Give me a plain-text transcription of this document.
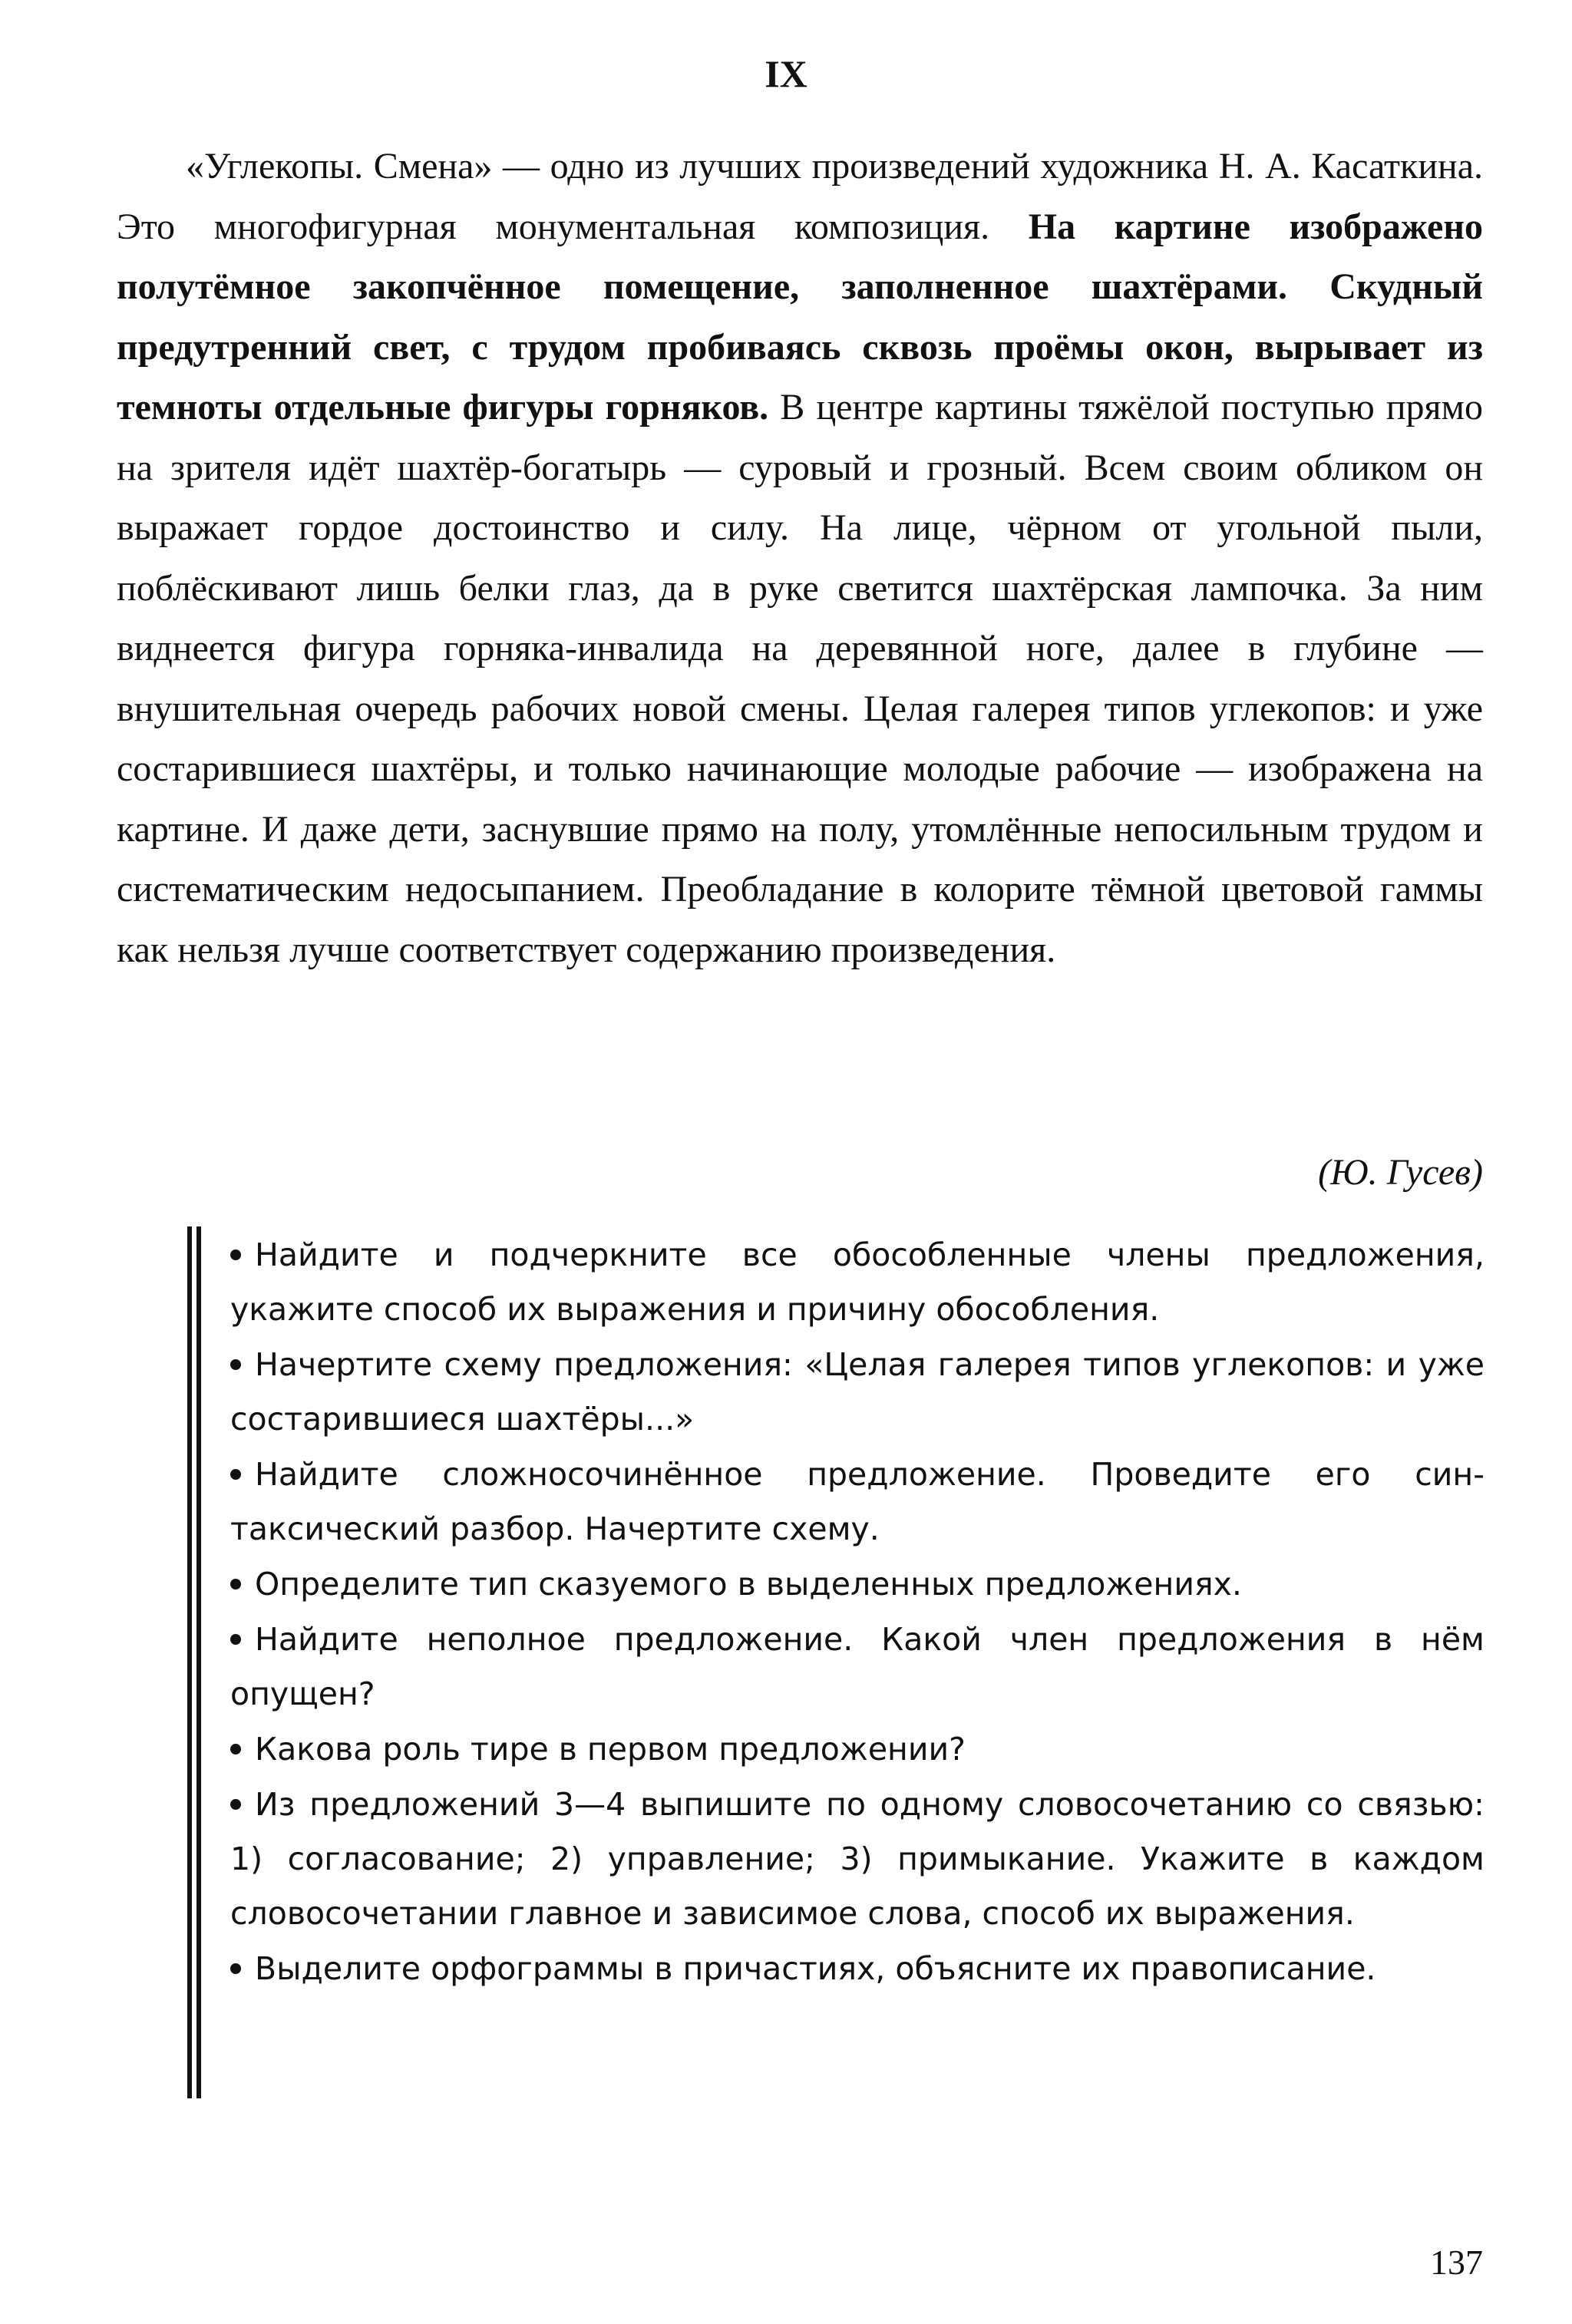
IX

«Углекопы. Смена» — одно из лучших произведений художника Н. А. Касаткина. Это многофигурная монументальная композиция. На картине изображено полутёмное закопчённое помещение, заполненное шахтёрами. Скудный предутренний свет, с трудом пробиваясь сквозь проёмы окон, вырывает из темноты отдельные фигуры горняков. В центре картины тяжёлой поступью прямо на зрителя идёт шахтёр-богатырь — суровый и грозный. Всем своим обликом он выражает гордое достоинство и силу. На лице, чёрном от угольной пыли, поблёскивают лишь белки глаз, да в руке светится шахтёрская лампочка. За ним виднеется фигура горняка-инвалида на деревянной ноге, далее в глубине — внушительная очередь рабочих новой смены. Целая галерея типов углекопов: и уже состарившиеся шахтёры, и только начинающие молодые рабочие — изображена на картине. И даже дети, заснувшие прямо на полу, утомлённые непосильным трудом и систематическим недосыпанием. Преобладание в колорите тёмной цветовой гаммы как нельзя лучше соответствует содержанию произведения.

(Ю. Гусев)
Найдите и подчеркните все обособленные члены предложения, укажите способ их выражения и причину обособления.
Начертите схему предложения: «Целая галерея типов углекопов: и уже состарившиеся шахтёры...»
Найдите сложносочинённое предложение. Проведите его синтаксический разбор. Начертите схему.
Определите тип сказуемого в выделенных предложениях.
Найдите неполное предложение. Какой член предложения в нём опущен?
Какова роль тире в первом предложении?
Из предложений 3—4 выпишите по одному словосочетанию со связью: 1) согласование; 2) управление; 3) примыкание. Укажите в каждом словосочетании главное и зависимое слова, способ их выражения.
Выделите орфограммы в причастиях, объясните их правописание.
137
